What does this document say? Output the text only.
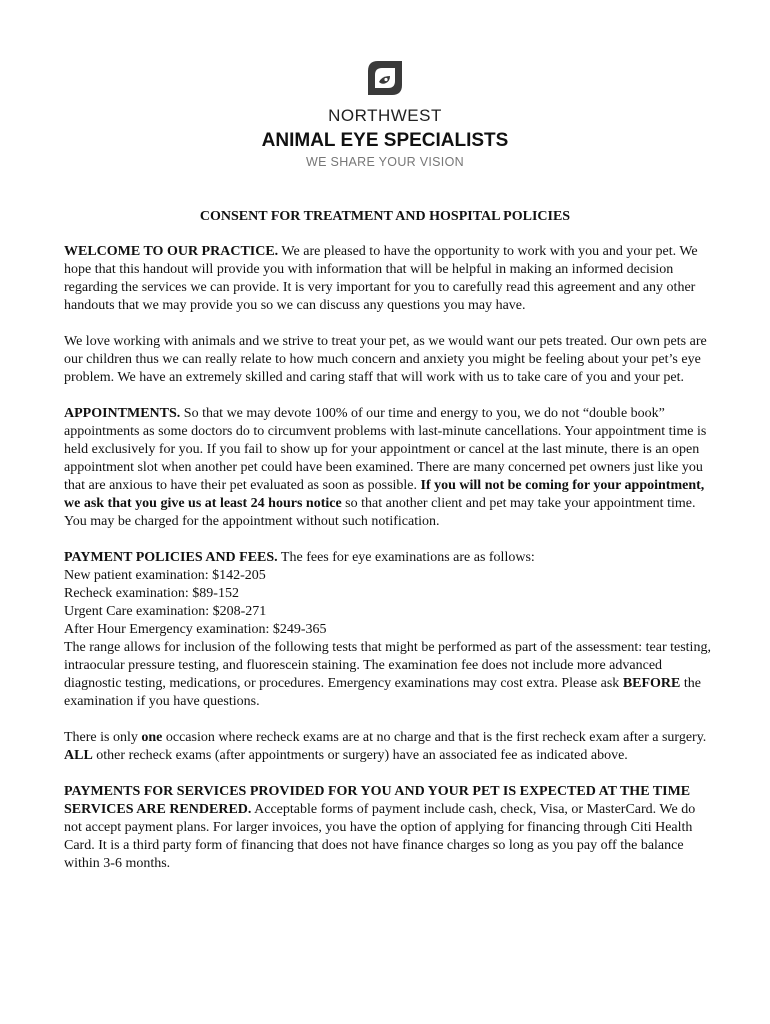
NORTHWEST
ANIMAL EYE SPECIALISTS
WE SHARE YOUR VISION
CONSENT FOR TREATMENT AND HOSPITAL POLICIES

WELCOME TO OUR PRACTICE. We are pleased to have the opportunity to work with you and your pet. We hope that this handout will provide you with information that will be helpful in making an informed decision regarding the services we can provide. It is very important for you to carefully read this agreement and any other handouts that we may provide you so we can discuss any questions you may have.

We love working with animals and we strive to treat your pet, as we would want our pets treated. Our own pets are our children thus we can really relate to how much concern and anxiety you might be feeling about your pet’s eye problem. We have an extremely skilled and caring staff that will work with us to take care of you and your pet.

APPOINTMENTS. So that we may devote 100% of our time and energy to you, we do not “double book” appointments as some doctors do to circumvent problems with last-minute cancellations. Your appointment time is held exclusively for you. If you fail to show up for your appointment or cancel at the last minute, there is an open appointment slot when another pet could have been examined. There are many concerned pet owners just like you that are anxious to have their pet evaluated as soon as possible. If you will not be coming for your appointment, we ask that you give us at least 24 hours notice so that another client and pet may take your appointment time. You may be charged for the appointment without such notification.

PAYMENT POLICIES AND FEES. The fees for eye examinations are as follows:
New patient examination: $142-205
Recheck examination: $89-152
Urgent Care examination: $208-271
After Hour Emergency examination: $249-365
The range allows for inclusion of the following tests that might be performed as part of the assessment: tear testing, intraocular pressure testing, and fluorescein staining. The examination fee does not include more advanced diagnostic testing, medications, or procedures. Emergency examinations may cost extra. Please ask BEFORE the examination if you have questions.

There is only one occasion where recheck exams are at no charge and that is the first recheck exam after a surgery. ALL other recheck exams (after appointments or surgery) have an associated fee as indicated above.

PAYMENTS FOR SERVICES PROVIDED FOR YOU AND YOUR PET IS EXPECTED AT THE TIME SERVICES ARE RENDERED. Acceptable forms of payment include cash, check, Visa, or MasterCard. We do not accept payment plans. For larger invoices, you have the option of applying for financing through Citi Health Card. It is a third party form of financing that does not have finance charges so long as you pay off the balance within 3-6 months.
